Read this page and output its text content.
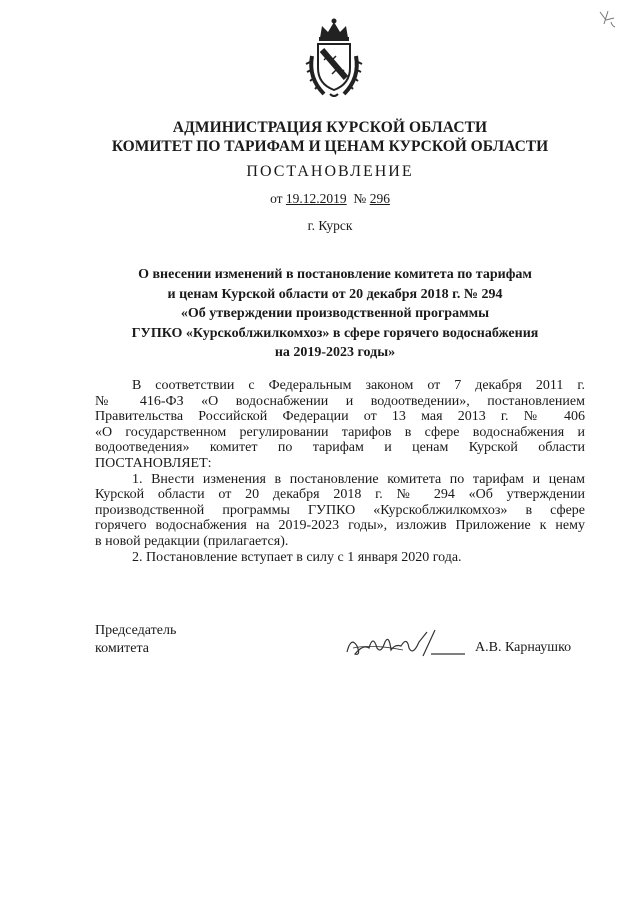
АДМИНИСТРАЦИЯ КУРСКОЙ ОБЛАСТИ
КОМИТЕТ ПО ТАРИФАМ И ЦЕНАМ КУРСКОЙ ОБЛАСТИ
ПОСТАНОВЛЕНИЕ
от 19.12.2019 № 296
г. Курск
О внесении изменений в постановление комитета по тарифам
и ценам Курской области от 20 декабря 2018 г. № 294
«Об утверждении производственной программы
ГУПКО «Курскоблжилкомхоз» в сфере горячего водоснабжения
на 2019-2023 годы»

В соответствии с Федеральным законом от 7 декабря 2011 г.
№ 416-ФЗ «О водоснабжении и водоотведении», постановлением
Правительства Российской Федерации от 13 мая 2013 г. № 406
«О государственном регулировании тарифов в сфере водоснабжения и
водоотведения» комитет по тарифам и ценам Курской области
ПОСТАНОВЛЯЕТ:

1. Внести изменения в постановление комитета по тарифам и ценам
Курской области от 20 декабря 2018 г. № 294 «Об утверждении
производственной программы ГУПКО «Курскоблжилкомхоз» в сфере
горячего водоснабжения на 2019-2023 годы», изложив Приложение к нему
в новой редакции (прилагается).

2. Постановление вступает в силу с 1 января 2020 года.

Председатель
комитета	А.В. Карнаушко
